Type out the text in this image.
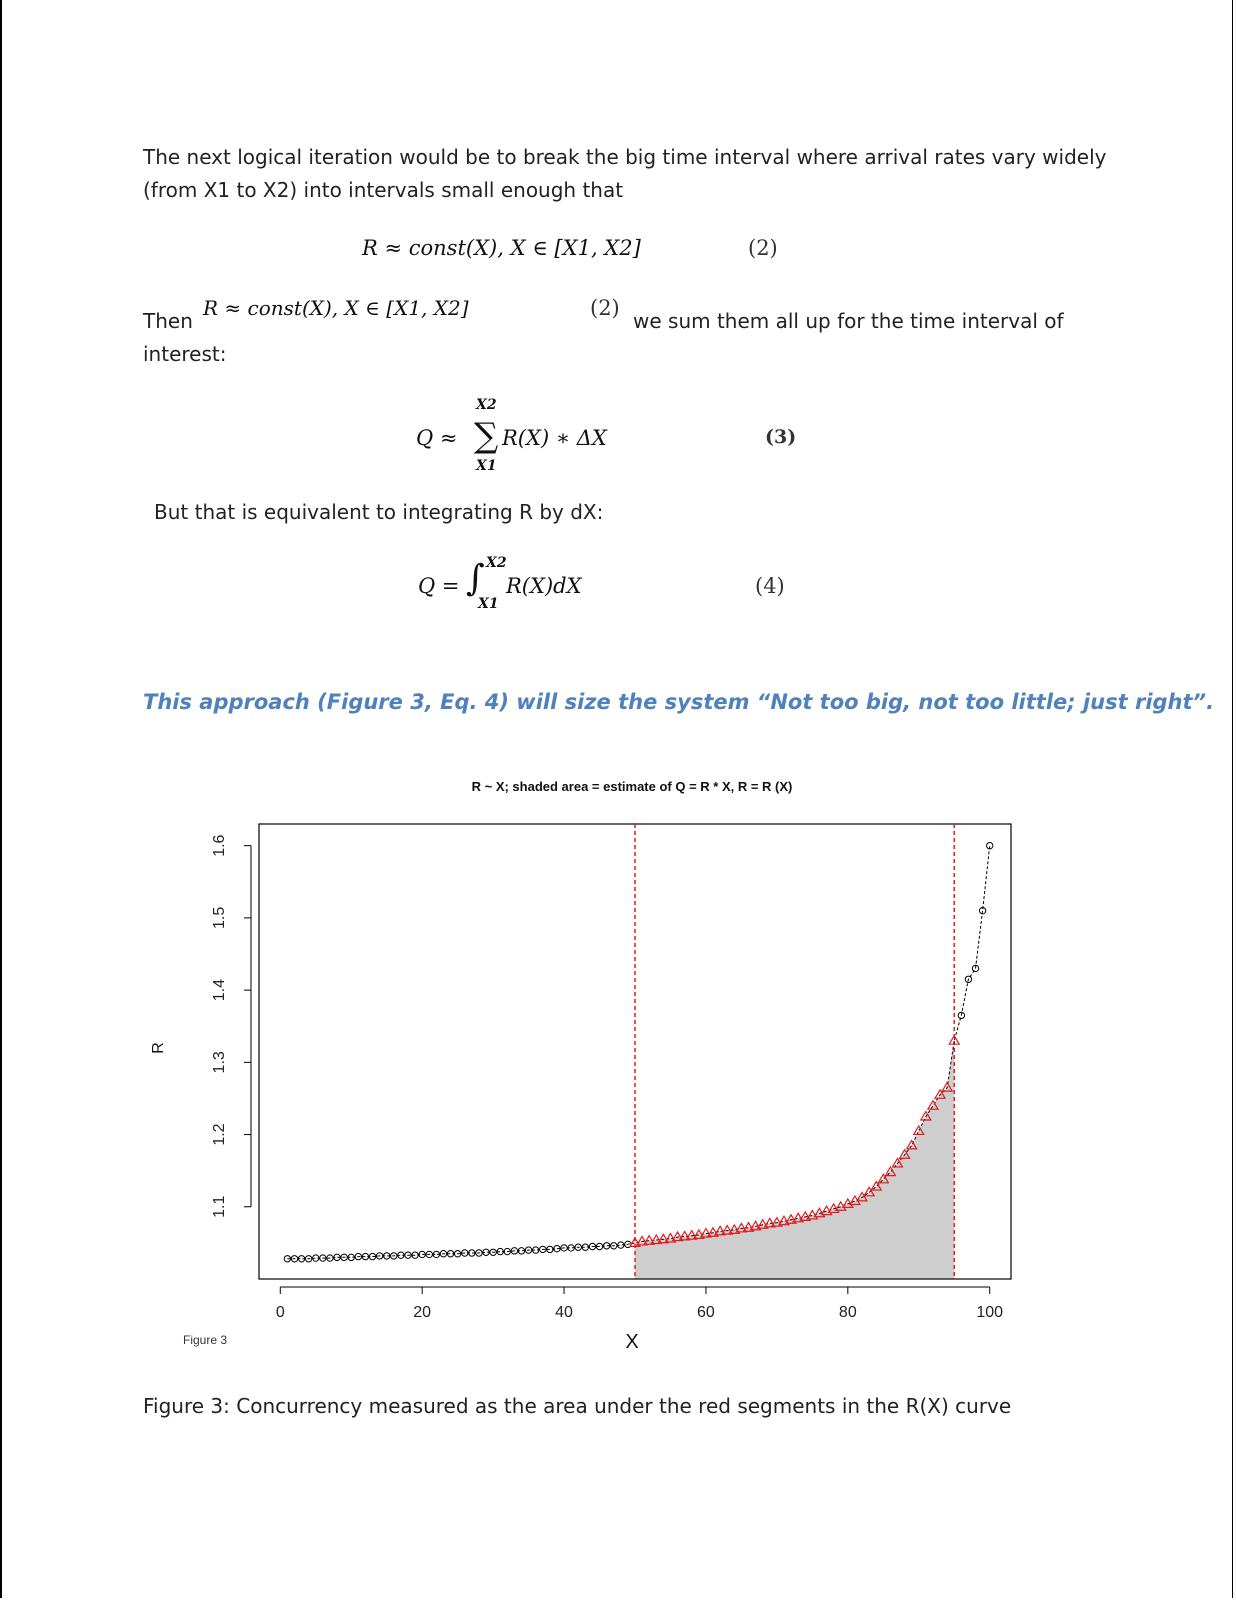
The next logical iteration would be to break the big time interval where arrival rates vary widely
(from X1 to X2) into intervals small enough that
R ≈ const(X), X ∈ [X1, X2]	(2)
Then
R ≈ const(X), X ∈ [X1, X2]	(2)
we sum them all up for the time interval of
interest:
Q ≈ ∑
X2
X1
R(X) ∗ ΔX	(3)
But that is equivalent to integrating R by dX:
Q = ∫ X2
X1
R(X)dX	(4)
This approach (Figure 3, Eq. 4) will size the system “Not too big, not too little; just right”.
R ~ X; shaded area = estimate of Q = R * X, R = R (X)
X
R
Figure 3
0	20	40	60	80	100
1.1
1.2
1.3
1.4
1.5
1.6
Figure 3: Concurrency measured as the area under the red segments in the R(X) curve
